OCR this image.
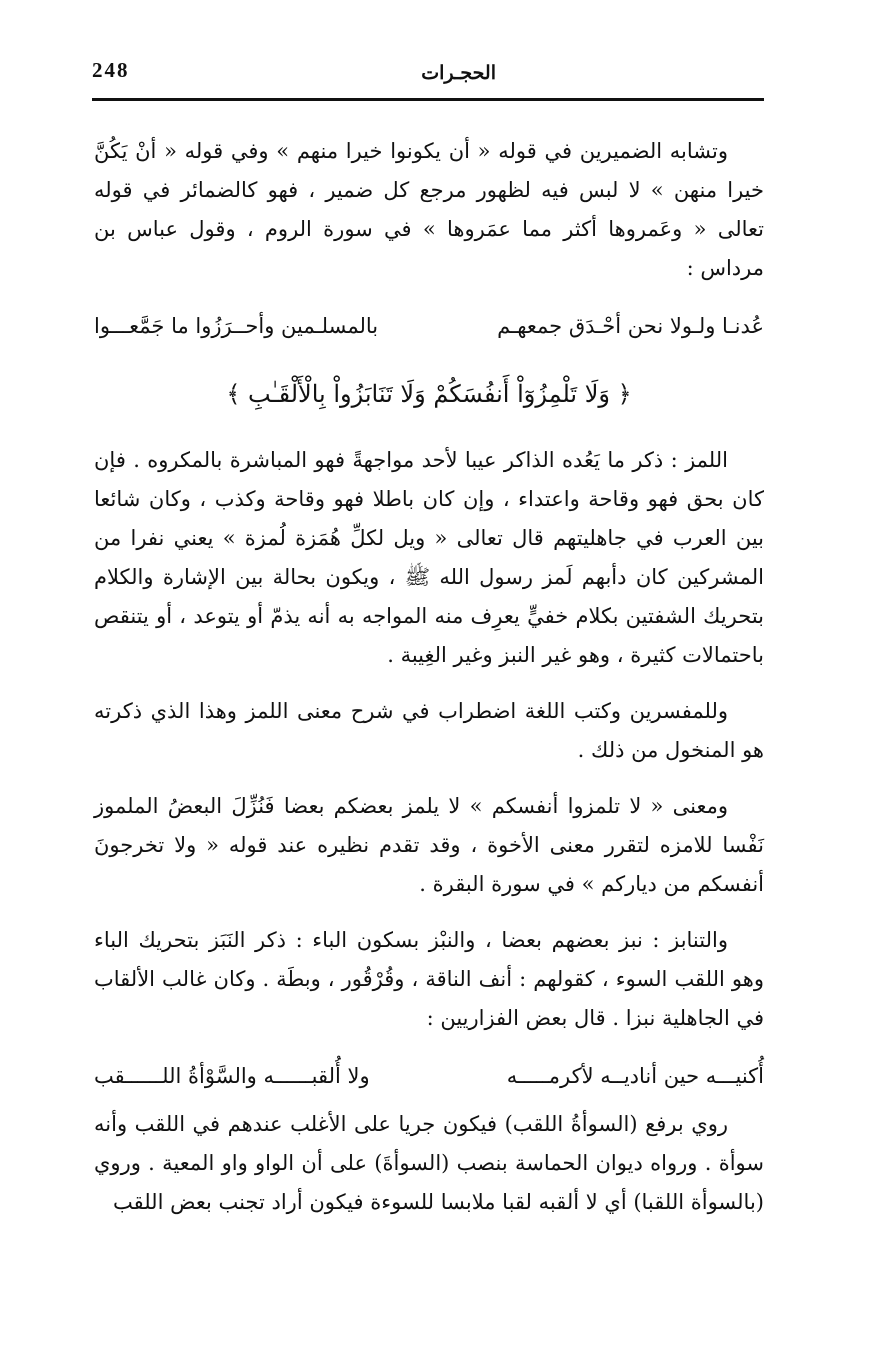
248	الحجـرات

وتشابه الضميرين في قوله « أن يكونوا خيرا منهم » وفي قوله « أنْ يَكُنَّ خيرا منهن » لا لبس فيه لظهور مرجع كل ضمير ، فهو كالضمائر في قوله تعالى « وعَمروها أكثر مما عمَروها » في سورة الروم ، وقول عباس بن مرداس :

عُدنـا ولـولا نحن أحْـدَق جمعهـم
بالمسلـمين وأحــرَزُوا ما جَمَّعـــوا
﴿ وَلَا تَلْمِزُوٓاْ أَنفُسَكُمْ وَلَا تَنَابَزُواْ بِالْأَلْقَـٰبِ ﴾

اللمز : ذكر ما يَعُده الذاكر عيبا لأحد مواجهةً فهو المباشرة بالمكروه . فإن كان بحق فهو وقاحة واعتداء ، وإن كان باطلا فهو وقاحة وكذب ، وكان شائعا بين العرب في جاهليتهم قال تعالى « ويل لكلِّ هُمَزة لُمزة » يعني نفرا من المشركين كان دأبهم لَمز رسول الله ﷺ ، ويكون بحالة بين الإشارة والكلام بتحريك الشفتين بكلام خفيٍّ يعرِف منه المواجه به أنه يذمّ أو يتوعد ، أو يتنقص باحتمالات كثيرة ، وهو غير النبز وغير الغِيبة .

وللمفسرين وكتب اللغة اضطراب في شرح معنى اللمز وهذا الذي ذكرته هو المنخول من ذلك .

ومعنى « لا تلمزوا أنفسكم » لا يلمز بعضكم بعضا فَنُزِّلَ البعضُ الملموز نَفْسا للامزه لتقرر معنى الأخوة ، وقد تقدم نظيره عند قوله « ولا تخرجونَ أنفسكم من دياركم » في سورة البقرة .

والتنابز : نبز بعضهم بعضا ، والنبْز بسكون الباء : ذكر النَبَز بتحريك الباء وهو اللقب السوء ، كقولهم : أنف الناقة ، وقُرْقُور ، وبطَة . وكان غالب الألقاب في الجاهلية نبزا . قال بعض الفزاريين :

أُكنيـــه حين أناديــه لأكرمـــــه
ولا أُلقبــــــه والسَّوْأةُ اللــــــقب

روي برفع (السوأةُ اللقب) فيكون جريا على الأغلب عندهم في اللقب وأنه سوأة . ورواه ديوان الحماسة بنصب (السوأةَ) على أن الواو واو المعية . وروي (بالسوأة اللقبا) أي لا ألقبه لقبا ملابسا للسوءة فيكون أراد تجنب بعض اللقب
